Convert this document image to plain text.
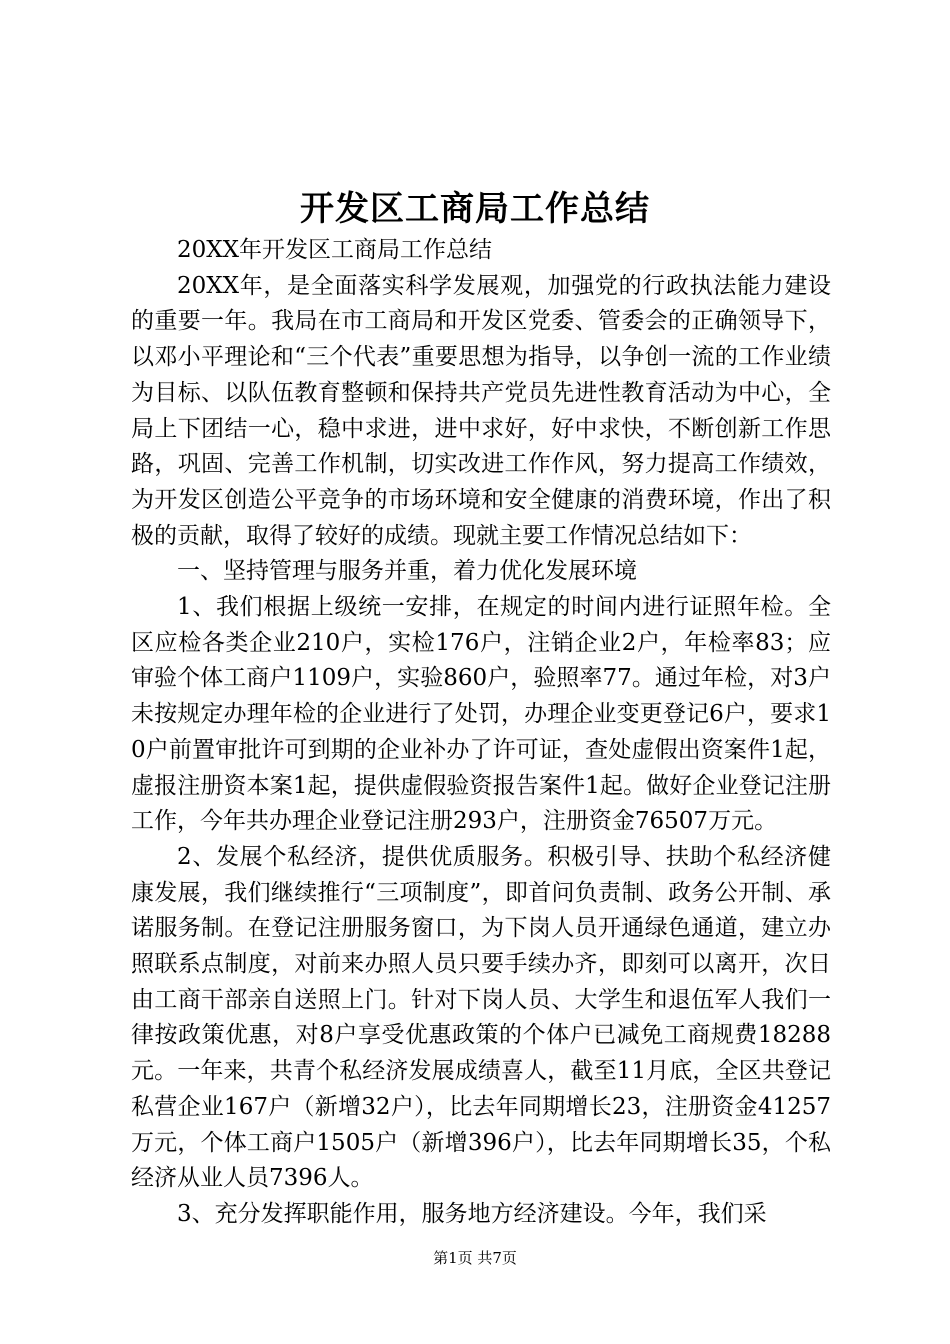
开发区工商局工作总结

20XX年开发区工商局工作总结

20XX年，是全面落实科学发展观，加强党的行政执法能力建设的重要一年。我局在市工商局和开发区党委、管委会的正确领导下，以邓小平理论和“三个代表”重要思想为指导，以争创一流的工作业绩为目标、以队伍教育整顿和保持共产党员先进性教育活动为中心，全局上下团结一心，稳中求进，进中求好，好中求快，不断创新工作思路，巩固、完善工作机制，切实改进工作作风，努力提高工作绩效，为开发区创造公平竞争的市场环境和安全健康的消费环境，作出了积极的贡献，取得了较好的成绩。现就主要工作情况总结如下：

一、坚持管理与服务并重，着力优化发展环境

1、我们根据上级统一安排，在规定的时间内进行证照年检。全区应检各类企业210户，实检176户，注销企业2户，年检率83；应审验个体工商户1109户，实验860户，验照率77。通过年检，对3户未按规定办理年检的企业进行了处罚，办理企业变更登记6户，要求10户前置审批许可到期的企业补办了许可证，查处虚假出资案件1起，虚报注册资本案1起，提供虚假验资报告案件1起。做好企业登记注册工作，今年共办理企业登记注册293户，注册资金76507万元。

2、发展个私经济，提供优质服务。积极引导、扶助个私经济健康发展，我们继续推行“三项制度”，即首问负责制、政务公开制、承诺服务制。在登记注册服务窗口，为下岗人员开通绿色通道，建立办照联系点制度，对前来办照人员只要手续办齐，即刻可以离开，次日由工商干部亲自送照上门。针对下岗人员、大学生和退伍军人我们一律按政策优惠，对8户享受优惠政策的个体户已减免工商规费18288元。一年来，共青个私经济发展成绩喜人，截至11月底，全区共登记私营企业167户（新增32户），比去年同期增长23，注册资金41257万元，个体工商户1505户（新增396户），比去年同期增长35，个私经济从业人员7396人。

3、充分发挥职能作用，服务地方经济建设。今年，我们采

第1页 共7页
